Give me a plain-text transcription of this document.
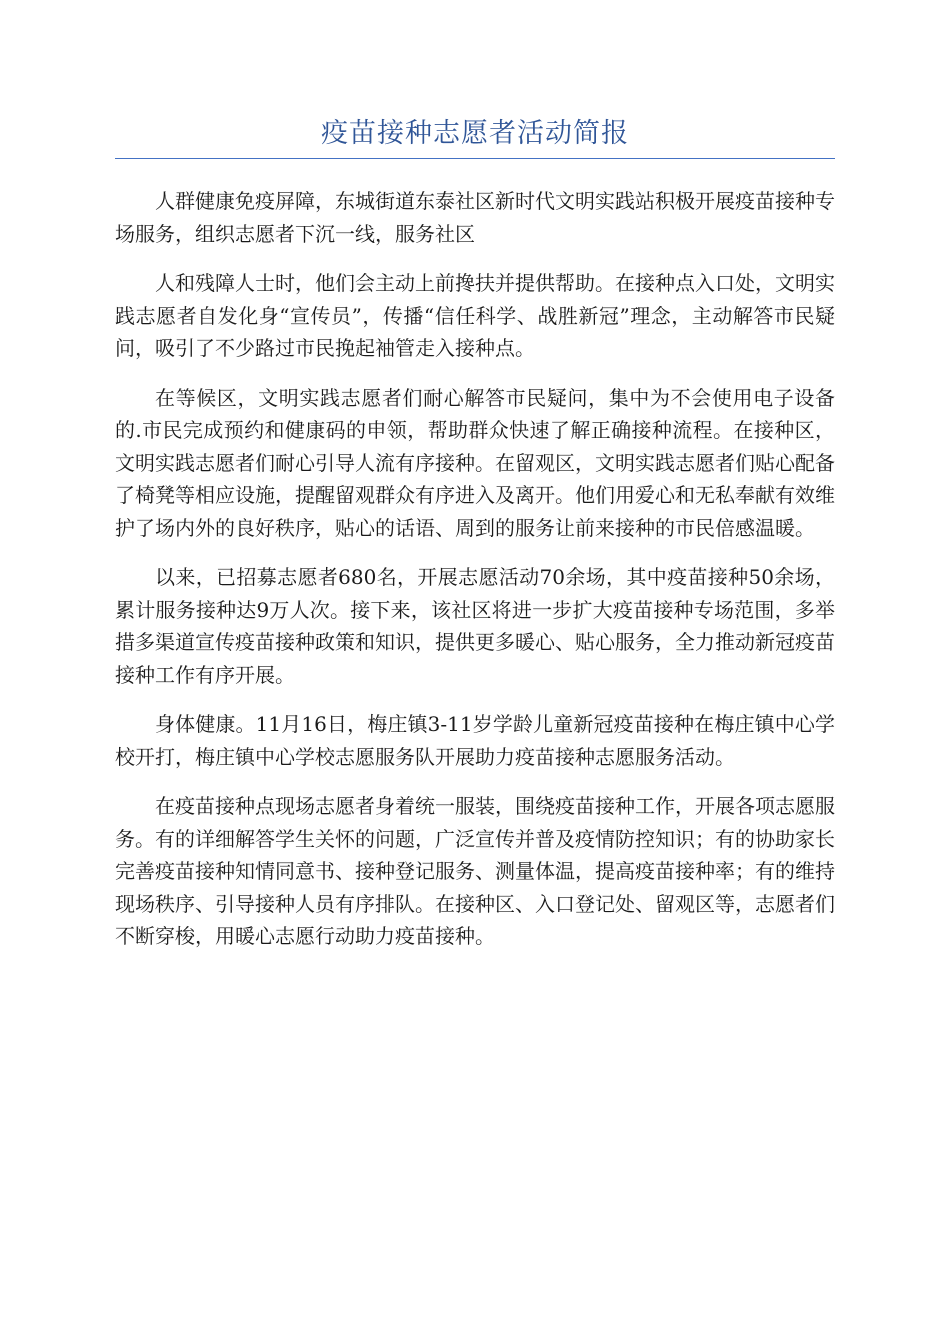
疫苗接种志愿者活动简报

人群健康免疫屏障，东城街道东泰社区新时代文明实践站积极开展疫苗接种专场服务，组织志愿者下沉一线，服务社区

人和残障人士时，他们会主动上前搀扶并提供帮助。在接种点入口处，文明实践志愿者自发化身“宣传员”，传播“信任科学、战胜新冠”理念，主动解答市民疑问，吸引了不少路过市民挽起袖管走入接种点。

在等候区，文明实践志愿者们耐心解答市民疑问，集中为不会使用电子设备的.市民完成预约和健康码的申领，帮助群众快速了解正确接种流程。在接种区，文明实践志愿者们耐心引导人流有序接种。在留观区，文明实践志愿者们贴心配备了椅凳等相应设施，提醒留观群众有序进入及离开。他们用爱心和无私奉献有效维护了场内外的良好秩序，贴心的话语、周到的服务让前来接种的市民倍感温暖。

以来，已招募志愿者680名，开展志愿活动70余场，其中疫苗接种50余场，累计服务接种达9万人次。接下来，该社区将进一步扩大疫苗接种专场范围，多举措多渠道宣传疫苗接种政策和知识，提供更多暖心、贴心服务，全力推动新冠疫苗接种工作有序开展。

身体健康。11月16日，梅庄镇3-11岁学龄儿童新冠疫苗接种在梅庄镇中心学校开打，梅庄镇中心学校志愿服务队开展助力疫苗接种志愿服务活动。

在疫苗接种点现场志愿者身着统一服装，围绕疫苗接种工作，开展各项志愿服务。有的详细解答学生关怀的问题，广泛宣传并普及疫情防控知识；有的协助家长完善疫苗接种知情同意书、接种登记服务、测量体温，提高疫苗接种率；有的维持现场秩序、引导接种人员有序排队。在接种区、入口登记处、留观区等，志愿者们不断穿梭，用暖心志愿行动助力疫苗接种。
